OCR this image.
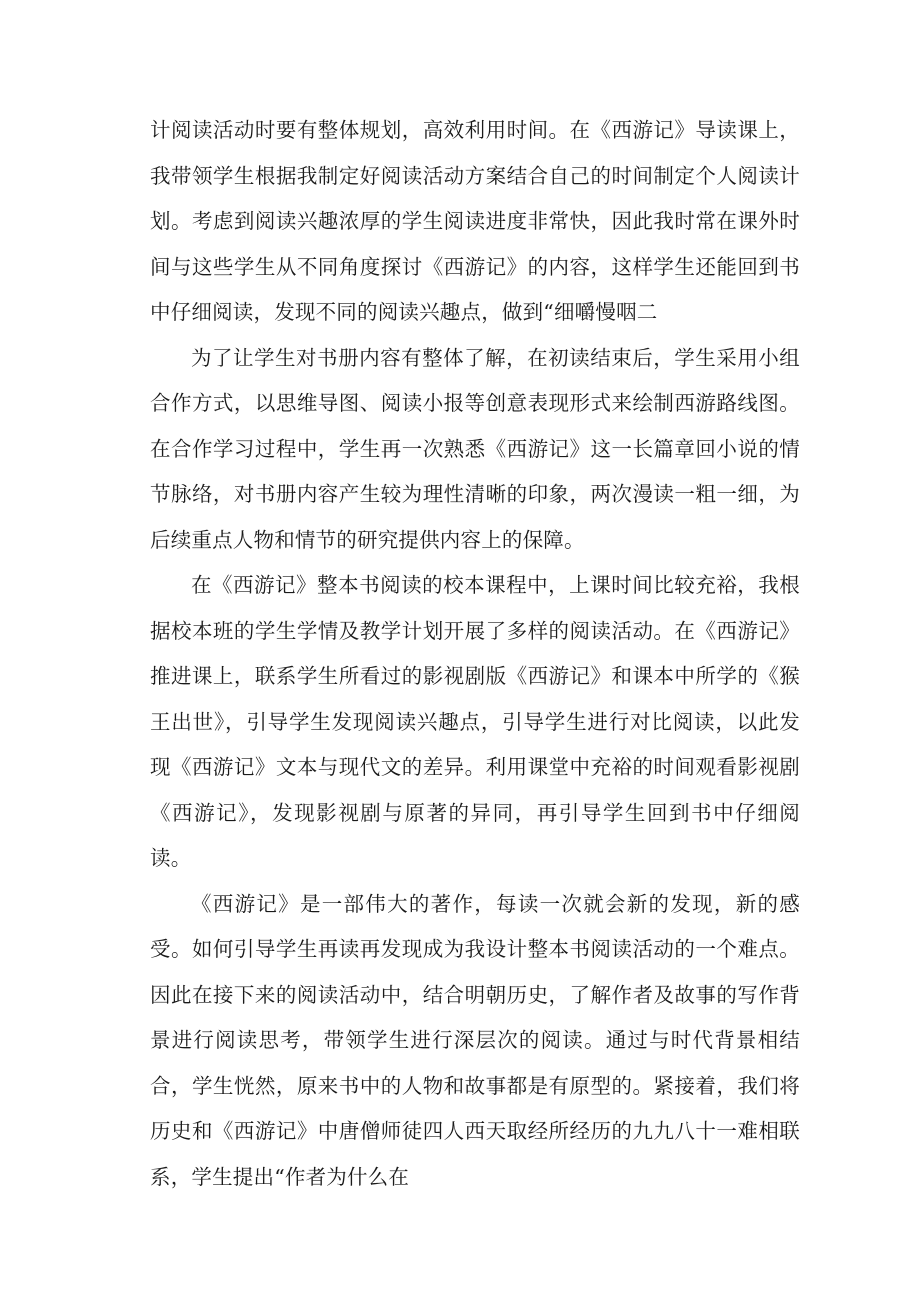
计阅读活动时要有整体规划，高效利用时间。在《西游记》导读课上，我带领学生根据我制定好阅读活动方案结合自己的时间制定个人阅读计划。考虑到阅读兴趣浓厚的学生阅读进度非常快，因此我时常在课外时间与这些学生从不同角度探讨《西游记》的内容，这样学生还能回到书中仔细阅读，发现不同的阅读兴趣点，做到“细嚼慢咽二

为了让学生对书册内容有整体了解，在初读结束后，学生采用小组合作方式，以思维导图、阅读小报等创意表现形式来绘制西游路线图。在合作学习过程中，学生再一次熟悉《西游记》这一长篇章回小说的情节脉络，对书册内容产生较为理性清晰的印象，两次漫读一粗一细，为后续重点人物和情节的研究提供内容上的保障。

在《西游记》整本书阅读的校本课程中，上课时间比较充裕，我根据校本班的学生学情及教学计划开展了多样的阅读活动。在《西游记》推进课上，联系学生所看过的影视剧版《西游记》和课本中所学的《猴王出世》，引导学生发现阅读兴趣点，引导学生进行对比阅读，以此发现《西游记》文本与现代文的差异。利用课堂中充裕的时间观看影视剧《西游记》，发现影视剧与原著的异同，再引导学生回到书中仔细阅读。

《西游记》是一部伟大的著作，每读一次就会新的发现，新的感受。如何引导学生再读再发现成为我设计整本书阅读活动的一个难点。因此在接下来的阅读活动中，结合明朝历史，了解作者及故事的写作背景进行阅读思考，带领学生进行深层次的阅读。通过与时代背景相结合，学生恍然，原来书中的人物和故事都是有原型的。紧接着，我们将历史和《西游记》中唐僧师徒四人西天取经所经历的九九八十一难相联系，学生提出“作者为什么在
